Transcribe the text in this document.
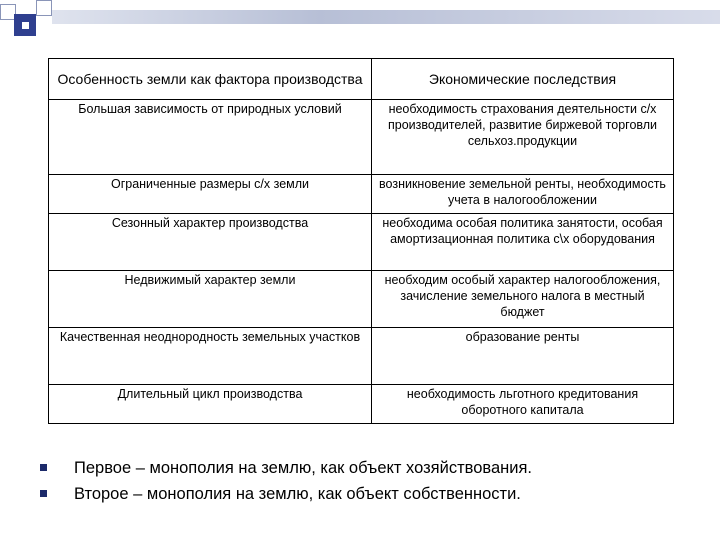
Особенность земли как фактора производства	Экономические последствия
Большая зависимость от природных условий	необходимость страхования деятельности с/х производителей, развитие биржевой торговли сельхоз.продукции
Ограниченные размеры с/х земли	возникновение земельной ренты, необходимость учета в налогообложении
Сезонный характер производства	необходима особая политика занятости, особая амортизационная политика с\х оборудования
Недвижимый характер земли	необходим особый характер налогообложения, зачисление земельного налога в местный бюджет
Качественная неоднородность земельных участков	образование ренты
Длительный цикл производства	необходимость льготного кредитования оборотного капитала
Первое – монополия на землю, как объект хозяйствования.
Второе – монополия на землю, как объект собственности.
